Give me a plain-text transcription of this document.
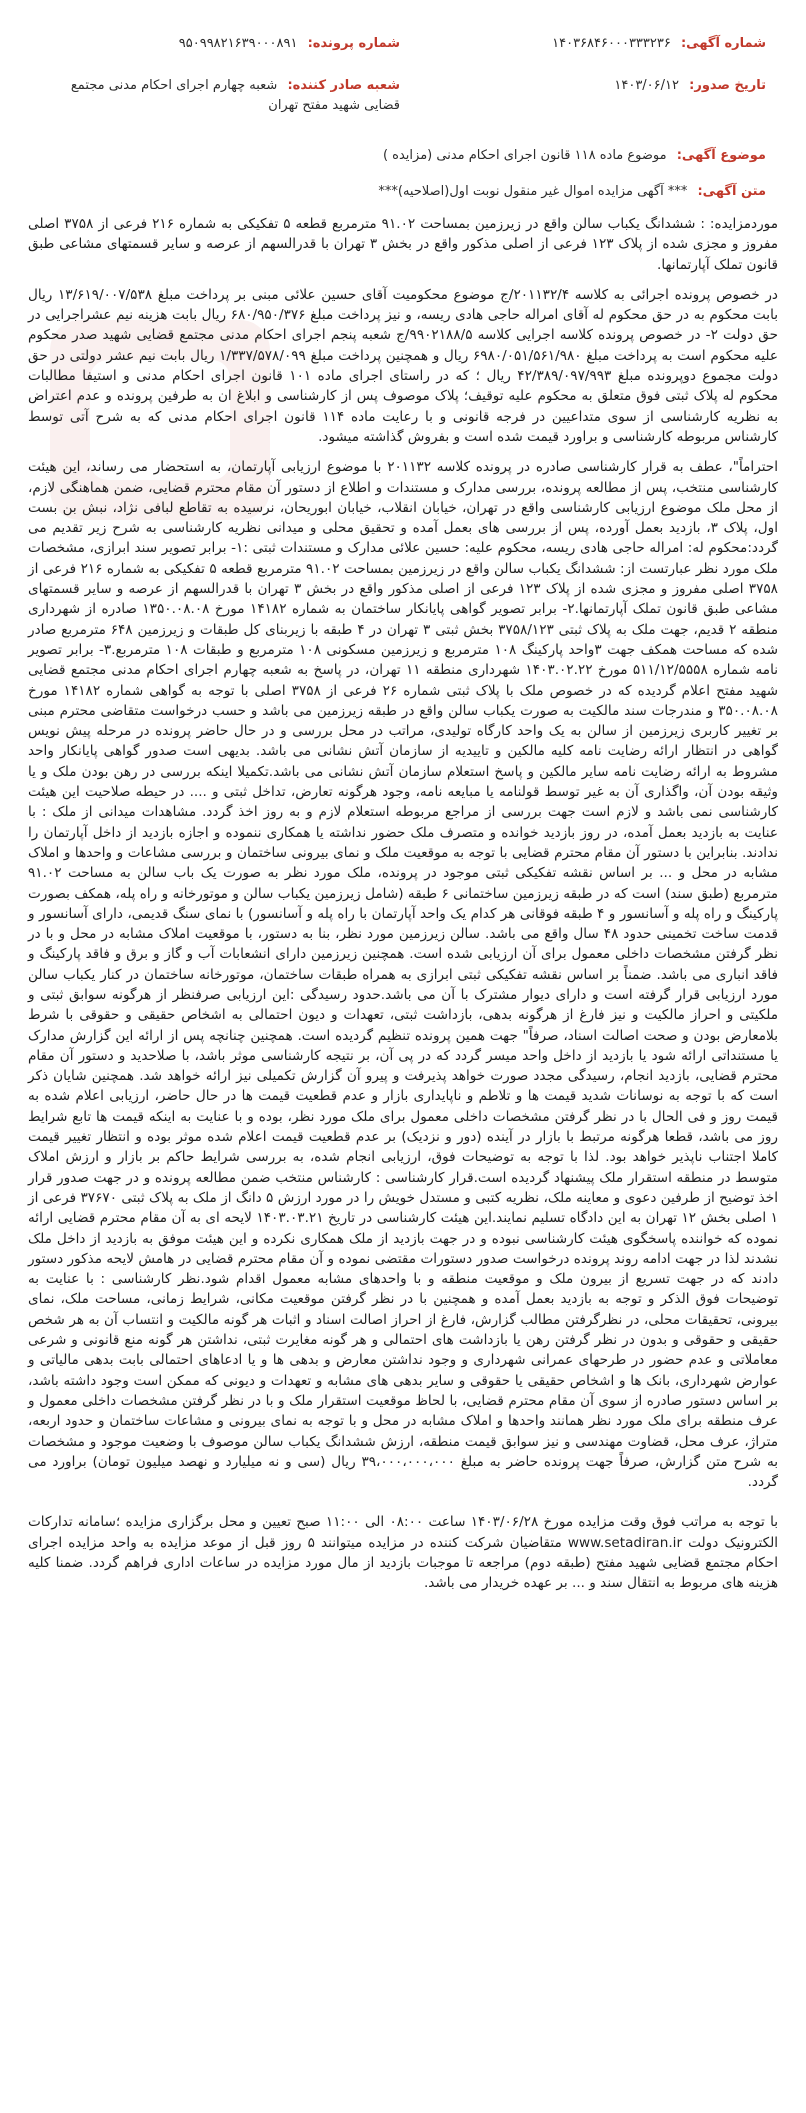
شماره آگهی: ۱۴۰۳۶۸۴۶۰۰۰۳۳۳۲۳۶
شماره پرونده: ۹۵۰۹۹۸۲۱۶۳۹۰۰۰۸۹۱
تاریخ صدور: ۱۴۰۳/۰۶/۱۲
شعبه صادر کننده: شعبه چهارم اجرای احکام مدنی مجتمع قضایی شهید مفتح تهران
موضوع آگهی: موضوع ماده ۱۱۸ قانون اجرای احکام مدنی (مزایده )
متن آگهی: *** آگهی مزایده اموال غیر منقول نوبت اول(اصلاحیه)***

موردمزایده: : ششدانگ یکباب سالن واقع در زیرزمین بمساحت ۹۱.۰۲ مترمربع قطعه ۵ تفکیکی به شماره ۲۱۶ فرعی از ۳۷۵۸ اصلی مفروز و مجزی شده از پلاک ۱۲۳ فرعی از اصلی مذکور واقع در بخش ۳ تهران با قدرالسهم از عرصه و سایر قسمتهای مشاعی طبق قانون تملک آپارتمانها.

در خصوص پرونده اجرائی به کلاسه ۲۰۱۱۳۲/۴/ج موضوع محکومیت آقای حسین علائی مبنی بر پرداخت مبلغ ۱۳/۶۱۹/۰۰۷/۵۳۸ ریال بابت محکوم به در حق محکوم له آقای امراله حاجی هادی ریسه، و نیز پرداخت مبلغ ۶۸۰/۹۵۰/۳۷۶ ریال بابت هزینه نیم عشراجرایی در حق دولت ۲- در خصوص پرونده کلاسه اجرایی کلاسه ۹۹۰۲۱۸۸/۵/ج شعبه پنجم اجرای احکام مدنی مجتمع قضایی شهید صدر محکوم علیه محکوم است به پرداخت مبلغ ۶۹۸۰/۰۵۱/۵۶۱/۹۸۰ ریال و همچنین پرداخت مبلغ ۱/۳۳۷/۵۷۸/۰۹۹ ریال بابت نیم عشر دولتی در حق دولت مجموع دوپرونده مبلغ ۴۲/۳۸۹/۰۹۷/۹۹۳ ریال ؛ که در راستای اجرای ماده ۱۰۱ قانون اجرای احکام مدنی و استیفا مطالبات محکوم له پلاک ثبتی فوق متعلق به محکوم علیه توقیف؛ پلاک موصوف پس از کارشناسی و ابلاغ ان به طرفین پرونده و عدم اعتراض به نظریه کارشناسی از سوی متداعیین در فرجه قانونی و با رعایت ماده ۱۱۴ قانون اجرای احکام مدنی که به شرح آتی توسط کارشناس مربوطه کارشناسی و براورد قیمت شده است و بفروش گذاشته میشود.

احتراماً"، عطف به قرار کارشناسی صادره در پرونده کلاسه ۲۰۱۱۳۲ با موضوع ارزیابی آپارتمان، به استحضار می رساند، این هیئت کارشناسی منتخب، پس از مطالعه پرونده، بررسی مدارک و مستندات و اطلاع از دستور آن مقام محترم قضایی، ضمن هماهنگی لازم، از محل ملک موضوع ارزیابی کارشناسی واقع در تهران، خیابان انقلاب، خیابان ابوریحان، نرسیده به تقاطع لبافی نژاد، نبش بن بست اول، پلاک ۳، بازدید بعمل آورده، پس از بررسی های بعمل آمده و تحقیق محلی و میدانی نظریه کارشناسی به شرح زیر تقدیم می گردد:محکوم له: امراله حاجی هادی ریسه، محکوم علیه: حسین علائی مدارک و مستندات ثبتی :۱- برابر تصویر سند ابرازی، مشخصات ملک مورد نظر عبارتست از: ششدانگ یکباب سالن واقع در زیرزمین بمساحت ۹۱.۰۲ مترمربع قطعه ۵ تفکیکی به شماره ۲۱۶ فرعی از ۳۷۵۸ اصلی مفروز و مجزی شده از پلاک ۱۲۳ فرعی از اصلی مذکور واقع در بخش ۳ تهران با قدرالسهم از عرصه و سایر قسمتهای مشاعی طبق قانون تملک آپارتمانها.۲- برابر تصویر گواهی پایانکار ساختمان به شماره ۱۴۱۸۲ مورخ ۱۳۵۰.۰۸.۰۸ صادره از شهرداری منطقه ۲ قدیم، جهت ملک به پلاک ثبتی ۳۷۵۸/۱۲۳ بخش ثبتی ۳ تهران در ۴ طبقه با زیربنای کل طبقات و زیرزمین ۶۴۸ مترمربع صادر شده که مساحت همکف جهت ۳واحد پارکینگ ۱۰۸ مترمربع و زیرزمین مسکونی ۱۰۸ مترمربع و طبقات ۱۰۸ مترمربع.۳- برابر تصویر نامه شماره ۵۱۱/۱۲/۵۵۵۸ مورخ ۱۴۰۳.۰۲.۲۲ شهرداری منطقه ۱۱ تهران، در پاسخ به شعبه چهارم اجرای احکام مدنی مجتمع قضایی شهید مفتح اعلام گردیده که در خصوص ملک با پلاک ثبتی شماره ۲۶ فرعی از ۳۷۵۸ اصلی با توجه به گواهی شماره ۱۴۱۸۲ مورخ ۳۵۰.۰۸.۰۸ و مندرجات سند مالکیت به صورت یکباب سالن واقع در طبقه زیرزمین می باشد و حسب درخواست متقاضی محترم مبنی بر تغییر کاربری زیرزمین از سالن به یک واحد کارگاه تولیدی، مراتب در محل بررسی و در حال حاضر پرونده در مرحله پیش نویس گواهی در انتظار ارائه رضایت نامه کلیه مالکین و تاییدیه از سازمان آتش نشانی می باشد. بدیهی است صدور گواهی پایانکار واحد مشروط به ارائه رضایت نامه سایر مالکین و پاسخ استعلام سازمان آتش نشانی می باشد.تکمیلا اینکه بررسی در رهن بودن ملک و یا وثیقه بودن آن، واگذاری آن به غیر توسط قولنامه یا مبایعه نامه، وجود هرگونه تعارض، تداخل ثبتی و .... در حیطه صلاحیت این هیئت کارشناسی نمی باشد و لازم است جهت بررسی از مراجع مربوطه استعلام لازم و به روز اخذ گردد. مشاهدات میدانی از ملک : با عنایت به بازدید بعمل آمده، در روز بازدید خوانده و متصرف ملک حضور نداشته یا همکاری ننموده و اجازه بازدید از داخل آپارتمان را ندادند. بنابراین با دستور آن مقام محترم قضایی با توجه به موقعیت ملک و نمای بیرونی ساختمان و بررسی مشاعات و واحدها و املاک مشابه در محل و ... بر اساس نقشه تفکیکی ثبتی موجود در پرونده، ملک مورد نظر به صورت یک باب سالن به مساحت ۹۱.۰۲ مترمربع (طبق سند) است که در طبقه زیرزمین ساختمانی ۶ طبقه (شامل زیرزمین یکباب سالن و موتورخانه و راه پله، همکف بصورت پارکینگ و راه پله و آسانسور و ۴ طبقه فوقانی هر کدام یک واحد آپارتمان با راه پله و آسانسور) با نمای سنگ قدیمی، دارای آسانسور و قدمت ساخت تخمینی حدود ۴۸ سال واقع می باشد. سالن زیرزمین مورد نظر، بنا به دستور، با موقعیت املاک مشابه در محل و با در نظر گرفتن مشخصات داخلی معمول برای آن ارزیابی شده است. همچنین زیرزمین دارای انشعابات آب و گاز و برق و فاقد پارکینگ و فاقد انباری می باشد. ضمناً بر اساس نقشه تفکیکی ثبتی ابرازی به همراه طبقات ساختمان، موتورخانه ساختمان در کنار یکباب سالن مورد ارزیابی قرار گرفته است و دارای دیوار مشترک با آن می باشد.حدود رسیدگی :این ارزیابی صرفنظر از هرگونه سوابق ثبتی و ملکیتی و احراز مالکیت و نیز فارغ از هرگونه بدهی، بازداشت ثبتی، تعهدات و دیون احتمالی به اشخاص حقیقی و حقوقی با شرط بلامعارض بودن و صحت اصالت اسناد، صرفاً" جهت همین پرونده تنظیم گردیده است. همچنین چنانچه پس از ارائه این گزارش مدارک یا مستنداتی ارائه شود یا بازدید از داخل واحد میسر گردد که در پی آن، بر نتیجه کارشناسی موثر باشد، با صلاحدید و دستور آن مقام محترم قضایی، بازدید انجام، رسیدگی مجدد صورت خواهد پذیرفت و پیرو آن گزارش تکمیلی نیز ارائه خواهد شد. همچنین شایان ذکر است که با توجه به نوسانات شدید قیمت ها و تلاطم و ناپایداری بازار و عدم قطعیت قیمت ها در حال حاضر، ارزیابی اعلام شده به قیمت روز و فی الحال با در نظر گرفتن مشخصات داخلی معمول برای ملک مورد نظر، بوده و با عنایت به اینکه قیمت ها تابع شرایط روز می باشد، قطعا هرگونه مرتبط با بازار در آینده (دور و نزدیک) بر عدم قطعیت قیمت اعلام شده موثر بوده و انتظار تغییر قیمت کاملا اجتناب ناپذیر خواهد بود. لذا با توجه به توضیحات فوق، ارزیابی انجام شده، به بررسی شرایط حاکم بر بازار و ارزش املاک متوسط در منطقه استقرار ملک پیشنهاد گردیده است.قرار کارشناسی : کارشناس منتخب ضمن مطالعه پرونده و در جهت صدور قرار اخذ توضیح از طرفین دعوی و معاینه ملک، نظریه کتبی و مستدل خویش را در مورد ارزش ۵ دانگ از ملک به پلاک ثبتی ۳۷۶۷۰ فرعی از ۱ اصلی بخش ۱۲ تهران به این دادگاه تسلیم نمایند.این هیئت کارشناسی در تاریخ ۱۴۰۳.۰۳.۲۱ لایحه ای به آن مقام محترم قضایی ارائه نموده که خواننده پاسخگوی هیئت کارشناسی نبوده و در جهت بازدید از ملک همکاری نکرده و این هیئت موفق به بازدید از داخل ملک نشدند لذا در جهت ادامه روند پرونده درخواست صدور دستورات مقتضی نموده و آن مقام محترم قضایی در هامش لایحه مذکور دستور دادند که در جهت تسریع از بیرون ملک و موقعیت منطقه و با واحدهای مشابه معمول اقدام شود.نظر کارشناسی : با عنایت به توضیحات فوق الذکر و توجه به بازدید بعمل آمده و همچنین با در نظر گرفتن موقعیت مکانی، شرایط زمانی، مساحت ملک، نمای بیرونی، تحقیقات محلی، در نظرگرفتن مطالب گزارش، فارغ از احراز اصالت اسناد و اثبات هر گونه مالکیت و انتساب آن به هر شخص حقیقی و حقوقی و بدون در نظر گرفتن رهن یا بازداشت های احتمالی و هر گونه مغایرت ثبتی، نداشتن هر گونه منع قانونی و شرعی معاملاتی و عدم حضور در طرحهای عمرانی شهرداری و وجود نداشتن معارض و بدهی ها و یا ادعاهای احتمالی بابت بدهی مالیاتی و عوارض شهرداری، بانک ها و اشخاص حقیقی یا حقوقی و سایر بدهی های مشابه و تعهدات و دیونی که ممکن است وجود داشته باشد، بر اساس دستور صادره از سوی آن مقام محترم قضایی، با لحاظ موقعیت استقرار ملک و با در نظر گرفتن مشخصات داخلی معمول و عرف منطقه برای ملک مورد نظر همانند واحدها و املاک مشابه در محل و با توجه به نمای بیرونی و مشاعات ساختمان و حدود اربعه، متراژ، عرف محل، قضاوت مهندسی و نیز سوابق قیمت منطقه، ارزش ششدانگ یکباب سالن موصوف با وضعیت موجود و مشخصات به شرح متن گزارش، صرفاً جهت پرونده حاضر به مبلغ ۳۹،۰۰۰،۰۰۰،۰۰۰ ریال (سی و نه میلیارد و نهصد میلیون تومان) براورد می گردد.

با توجه به مراتب فوق وقت مزایده مورخ ۱۴۰۳/۰۶/۲۸ ساعت ۰۸:۰۰ الی ۱۱:۰۰ صبح تعیین و محل برگزاری مزایده ؛سامانه تدارکات الکترونیک دولت www.setadiran.ir متقاضیان شرکت کننده در مزایده میتوانند ۵ روز قبل از موعد مزایده به واحد مزایده اجرای احکام مجتمع قضایی شهید مفتح (طبقه دوم) مراجعه تا موجبات بازدید از مال مورد مزایده در ساعات اداری فراهم گردد. ضمنا کلیه هزینه های مربوط به انتقال سند و ... بر عهده خریدار می باشد.
